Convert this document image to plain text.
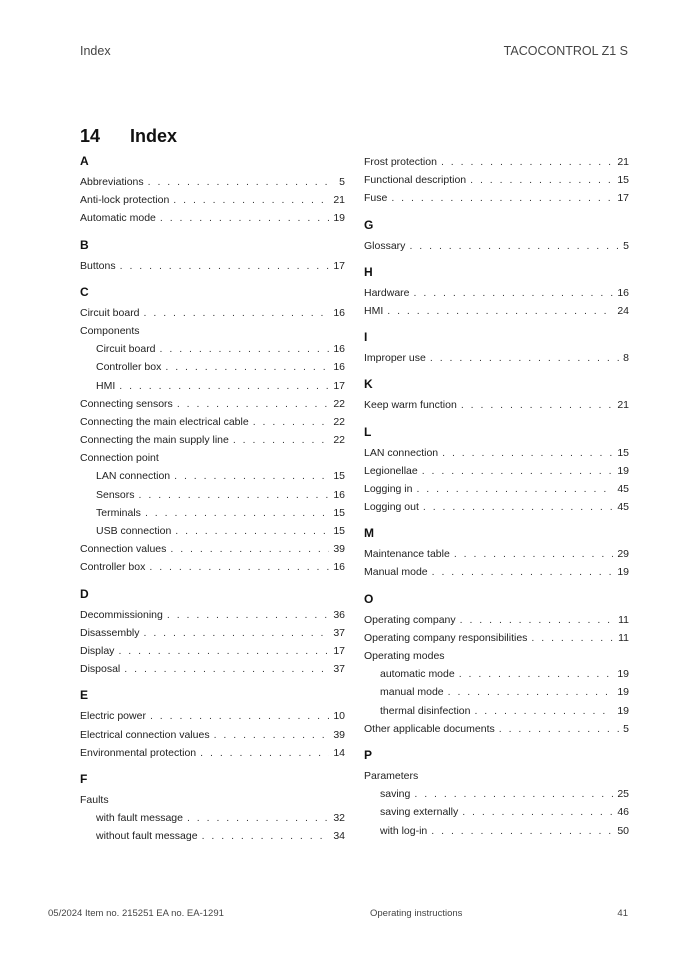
Index	TACOCONTROL Z1 S
14 Index
A
Abbreviations . . .	5
Anti-lock protection . . .	21
Automatic mode . . .	19
B
Buttons . . .	17
C
Circuit board . . .	16
Components
Circuit board . . .	16
Controller box . . .	16
HMI . . .	17
Connecting sensors . . .	22
Connecting the main electrical cable . . .	22
Connecting the main supply line . . .	22
Connection point
LAN connection . . .	15
Sensors . . .	16
Terminals . . .	15
USB connection . . .	15
Connection values . . .	39
Controller box . . .	16
D
Decommissioning . . .	36
Disassembly . . .	37
Display . . .	17
Disposal . . .	37
E
Electric power . . .	10
Electrical connection values . . .	39
Environmental protection . . .	14
F
Faults
with fault message . . .	32
without fault message . . .	34
Frost protection . . .	21
Functional description . . .	15
Fuse . . .	17
G
Glossary . . .	5
H
Hardware . . .	16
HMI . . .	24
I
Improper use . . .	8
K
Keep warm function . . .	21
L
LAN connection . . .	15
Legionellae . . .	19
Logging in . . .	45
Logging out . . .	45
M
Maintenance table . . .	29
Manual mode . . .	19
O
Operating company . . .	11
Operating company responsibilities . . .	11
Operating modes
automatic mode . . .	19
manual mode . . .	19
thermal disinfection . . .	19
Other applicable documents . . .	5
P
Parameters
saving . . .	25
saving externally . . .	46
with log-in . . .	50
05/2024 Item no. 215251 EA no. EA-1291	Operating instructions	41
